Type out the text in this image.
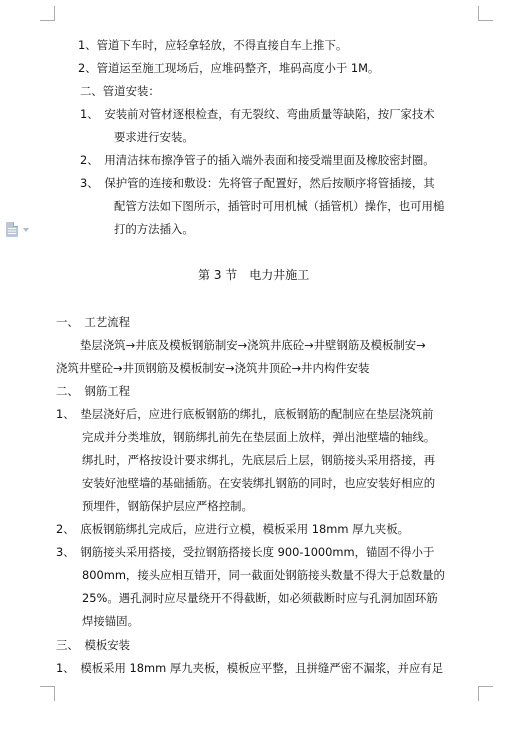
1、管道下车时，应轻拿轻放，不得直接自车上推下。
2、管道运至施工现场后，应堆码整齐，堆码高度小于 1M。
二、管道安装：
1、　安装前对管材逐根检查，有无裂纹、弯曲质量等缺陷，按厂家技术
要求进行安装。
2、　用清洁抹布擦净管子的插入端外表面和接受端里面及橡胶密封圈。
3、　保护管的连接和敷设：先将管子配置好，然后按顺序将管插接，其
配管方法如下图所示，插管时可用机械（插管机）操作，也可用槌
打的方法插入。
第 3 节　电力井施工
一、　工艺流程
垫层浇筑→井底及模板钢筋制安→浇筑井底砼→井壁钢筋及模板制安→
浇筑井壁砼→井顶钢筋及模板制安→浇筑井顶砼→井内构件安装
二、　钢筋工程
1、　垫层浇好后，应进行底板钢筋的绑扎，底板钢筋的配制应在垫层浇筑前
完成并分类堆放，钢筋绑扎前先在垫层面上放样，弹出池壁墙的轴线。
绑扎时，严格按设计要求绑扎，先底层后上层，钢筋接头采用搭接，再
安装好池壁墙的基础插筋。在安装绑扎钢筋的同时，也应安装好相应的
预埋件，钢筋保护层应严格控制。
2、　底板钢筋绑扎完成后，应进行立模，模板采用 18mm 厚九夹板。
3、　钢筋接头采用搭接，受拉钢筋搭接长度 900-1000mm，锚固不得小于
800mm，接头应相互错开，同一截面处钢筋接头数量不得大于总数量的
25%。遇孔洞时应尽量绕开不得截断，如必须截断时应与孔洞加固环筋
焊接锚固。
三、　模板安装
1、　模板采用 18mm 厚九夹板，模板应平整，且拼缝严密不漏浆，并应有足
